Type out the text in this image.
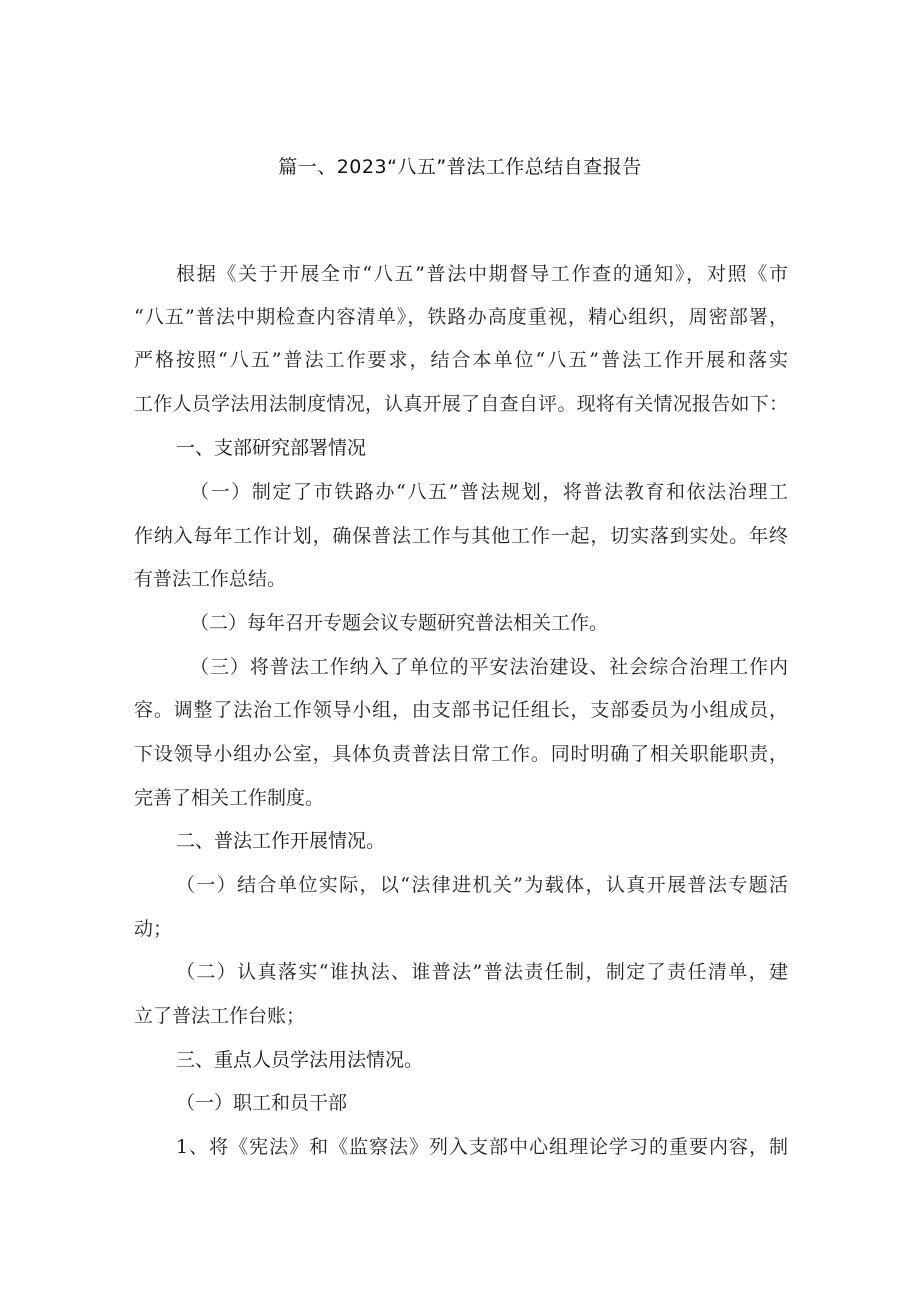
篇一、2023“八五”普法工作总结自查报告
根据《关于开展全市“八五”普法中期督导工作查的通知》，对照《市
“八五”普法中期检查内容清单》，铁路办高度重视，精心组织，周密部署，
严格按照“八五”普法工作要求，结合本单位“八五”普法工作开展和落实
工作人员学法用法制度情况，认真开展了自查自评。现将有关情况报告如下：
一、支部研究部署情况
（一）制定了市铁路办“八五”普法规划，将普法教育和依法治理工
作纳入每年工作计划，确保普法工作与其他工作一起，切实落到实处。年终
有普法工作总结。
（二）每年召开专题会议专题研究普法相关工作。
（三）将普法工作纳入了单位的平安法治建设、社会综合治理工作内
容。调整了法治工作领导小组，由支部书记任组长，支部委员为小组成员，
下设领导小组办公室，具体负责普法日常工作。同时明确了相关职能职责，
完善了相关工作制度。
二、普法工作开展情况。
（一）结合单位实际，以“法律进机关”为载体，认真开展普法专题活
动；
（二）认真落实“谁执法、谁普法”普法责任制，制定了责任清单，建
立了普法工作台账；
三、重点人员学法用法情况。
（一）职工和员干部
1、将《宪法》和《监察法》列入支部中心组理论学习的重要内容，制
